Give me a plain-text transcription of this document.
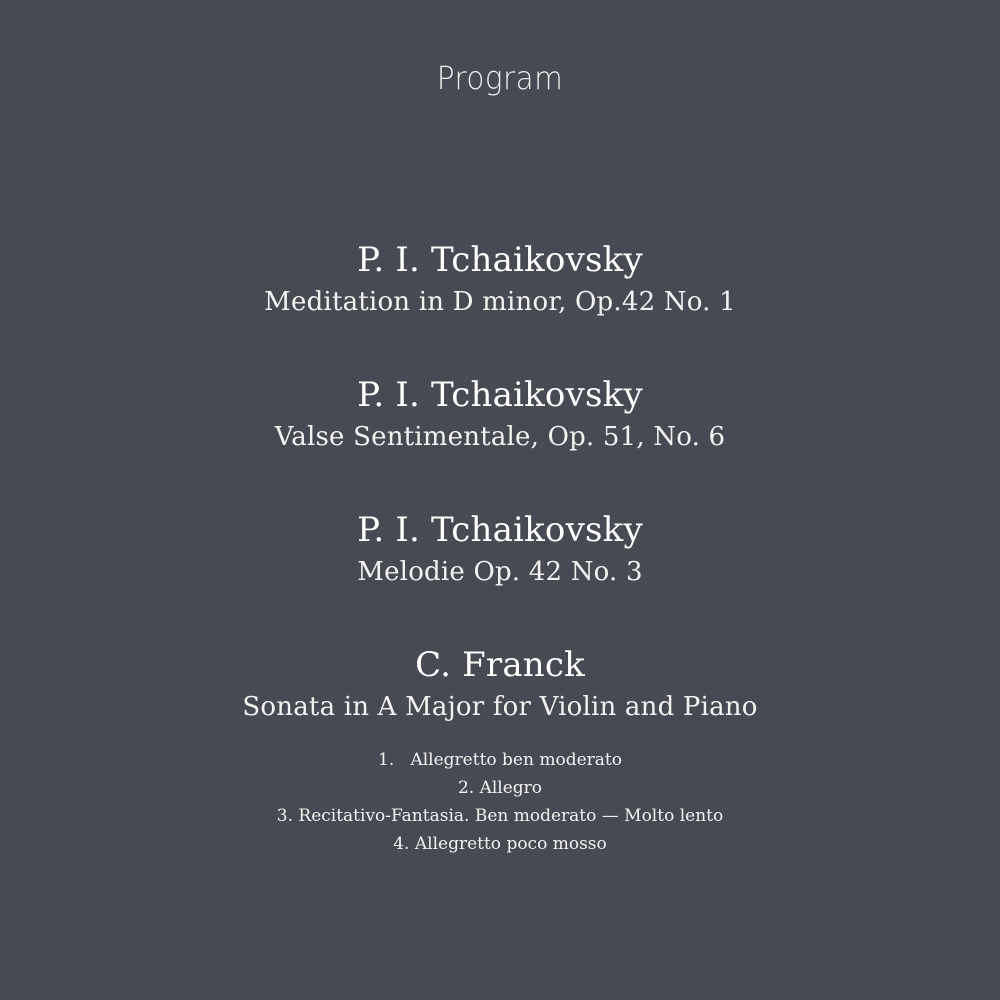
Program
P. I. Tchaikovsky
Meditation in D minor, Op.42 No. 1
P. I. Tchaikovsky
Valse Sentimentale, Op. 51, No. 6
P. I. Tchaikovsky
Melodie Op. 42 No. 3
C. Franck
Sonata in A Major for Violin and Piano
1.   Allegretto ben moderato
2. Allegro
3. Recitativo-Fantasia. Ben moderato — Molto lento
4. Allegretto poco mosso
